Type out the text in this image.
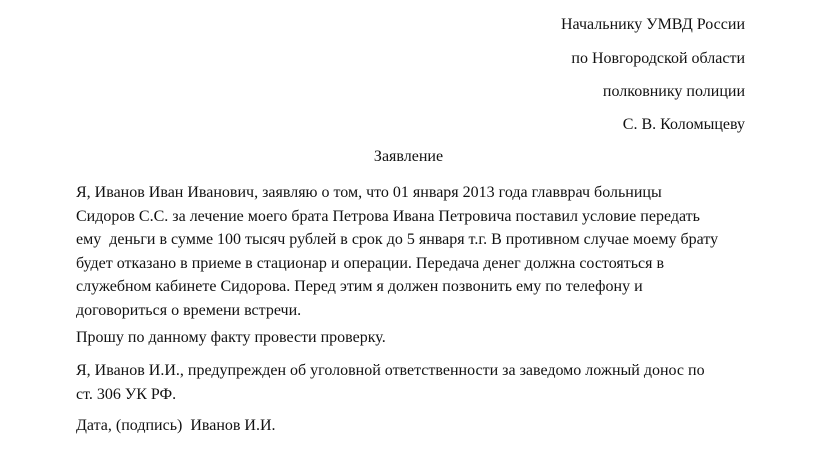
Начальнику УМВД России
по Новгородской области
полковнику полиции
С. В. Коломыцеву
Заявление
Я, Иванов Иван Иванович, заявляю о том, что 01 января 2013 года главврач больницы
Сидоров С.С. за лечение моего брата Петрова Ивана Петровича поставил условие передать
ему  деньги в сумме 100 тысяч рублей в срок до 5 января т.г. В противном случае моему брату
будет отказано в приеме в стационар и операции. Передача денег должна состояться в
служебном кабинете Сидорова. Перед этим я должен позвонить ему по телефону и
договориться о времени встречи.
Прошу по данному факту провести проверку.
Я, Иванов И.И., предупрежден об уголовной ответственности за заведомо ложный донос по
ст. 306 УК РФ.
Дата, (подпись)  Иванов И.И.
